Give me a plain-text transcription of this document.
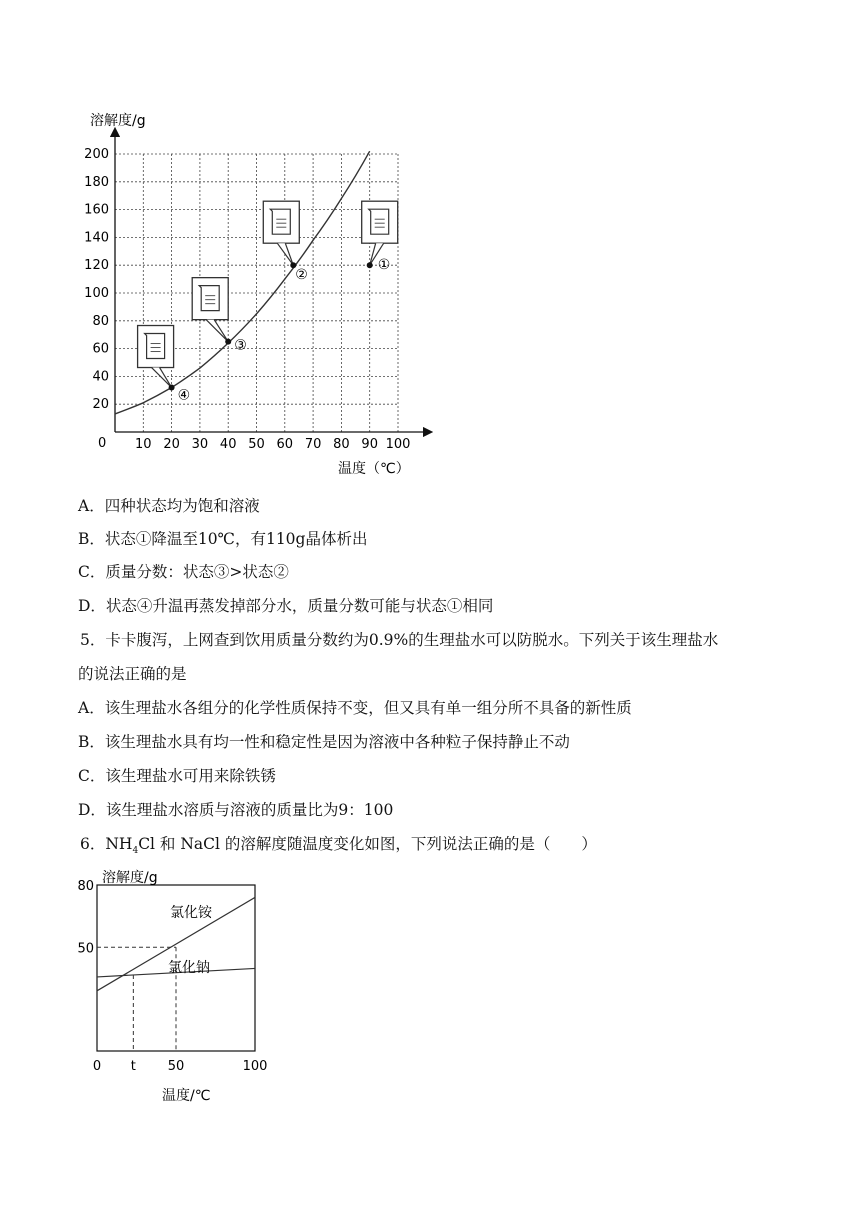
10 20 30 40 50 60 70 80 90 100
20
40
60
80
100
120
140
160
180
200
①
②
③
④
溶解度/g
温度（℃）
0
A．四种状态均为饱和溶液
B．状态①降温至10℃，有110g晶体析出
C．质量分数：状态③>状态②
D．状态④升温再蒸发掉部分水，质量分数可能与状态①相同
5．卡卡腹泻，上网查到饮用质量分数约为0.9%的生理盐水可以防脱水。下列关于该生理盐水
的说法正确的是
A．该生理盐水各组分的化学性质保持不变，但又具有单一组分所不具备的新性质
B．该生理盐水具有均一性和稳定性是因为溶液中各种粒子保持静止不动
C．该生理盐水可用来除铁锈
D．该生理盐水溶质与溶液的质量比为9：100
6．$NH_4Cl$ 和 NaCl 的溶解度随温度变化如图，下列说法正确的是（　　）
氯化铵
氯化钠
50
80
0 t 50	100
溶解度/g
温度/℃
